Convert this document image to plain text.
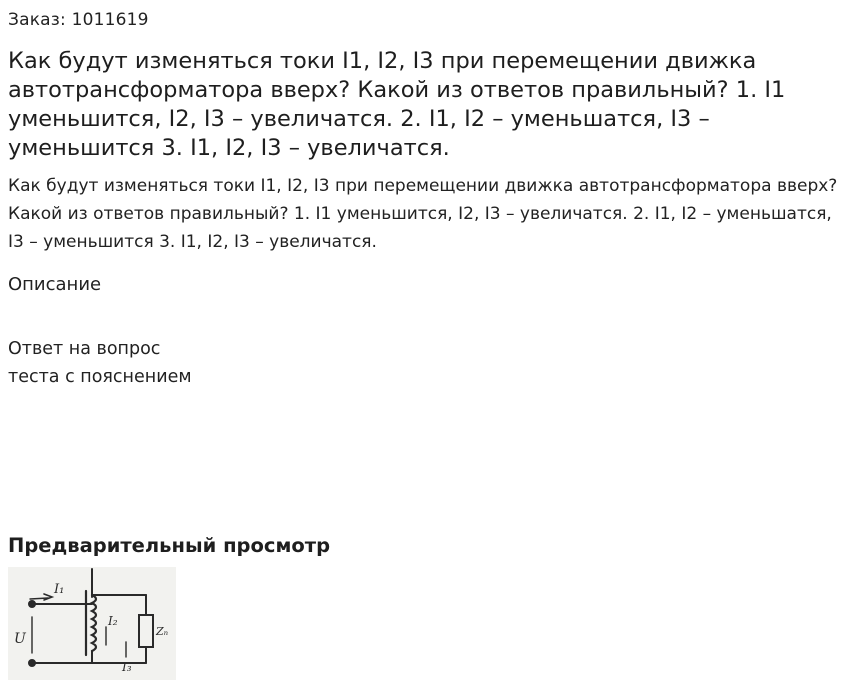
Заказ: 1011619
Как будут изменяться токи I1, I2, I3 при перемещении движка автотрансформатора вверх? Какой из ответов правильный? 1. I1 уменьшится, I2, I3 – увеличатся. 2. I1, I2 – уменьшатся, I3 – уменьшится 3. I1, I2, I3 – увеличатся.

Как будут изменяться токи I1, I2, I3 при перемещении движка автотрансформатора вверх? Какой из ответов правильный? 1. I1 уменьшится, I2, I3 – увеличатся. 2. I1, I2 – уменьшатся, I3 – уменьшится 3. I1, I2, I3 – увеличатся.

Описание
Ответ на вопрос
теста с пояснением
Предварительный просмотр
I₁
I₂
I₃
U	Zₙ
